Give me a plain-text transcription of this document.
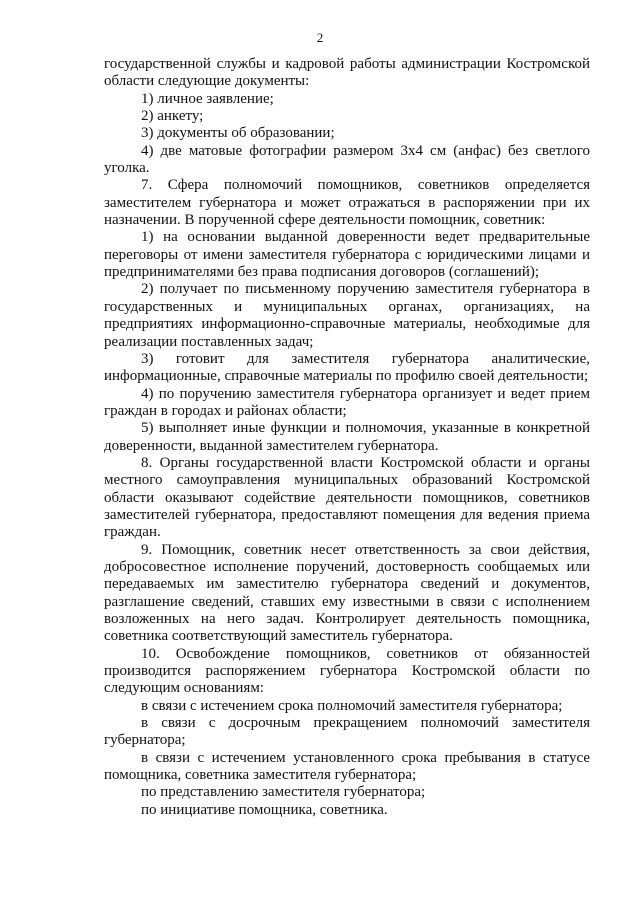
2

государственной службы и кадровой работы администрации Костромской области следующие документы:

1) личное заявление;

2) анкету;

3) документы об образовании;

4) две матовые фотографии размером 3x4 см (анфас) без светлого уголка.

7. Сфера полномочий помощников, советников определяется заместителем губернатора и может отражаться в распоряжении при их назначении. В порученной сфере деятельности помощник, советник:

1) на основании выданной доверенности ведет предварительные переговоры от имени заместителя губернатора с юридическими лицами и предпринимателями без права подписания договоров (соглашений);

2) получает по письменному поручению заместителя губернатора в государственных и муниципальных органах, организациях, на предприятиях информационно-справочные материалы, необходимые для реализации поставленных задач;

3) готовит для заместителя губернатора аналитические, информационные, справочные материалы по профилю своей деятельности;

4) по поручению заместителя губернатора организует и ведет прием граждан в городах и районах области;

5) выполняет иные функции и полномочия, указанные в конкретной доверенности, выданной заместителем губернатора.

8. Органы государственной власти Костромской области и органы местного самоуправления муниципальных образований Костромской области оказывают содействие деятельности помощников, советников заместителей губернатора, предоставляют помещения для ведения приема граждан.

9. Помощник, советник несет ответственность за свои действия, добросовестное исполнение поручений, достоверность сообщаемых или передаваемых им заместителю губернатора сведений и документов, разглашение сведений, ставших ему известными в связи с исполнением возложенных на него задач. Контролирует деятельность помощника, советника соответствующий заместитель губернатора.

10. Освобождение помощников, советников от обязанностей производится распоряжением губернатора Костромской области по следующим основаниям:

в связи с истечением срока полномочий заместителя губернатора;

в связи с досрочным прекращением полномочий заместителя губернатора;

в связи с истечением установленного срока пребывания в статусе помощника, советника заместителя губернатора;

по представлению заместителя губернатора;

по инициативе помощника, советника.
